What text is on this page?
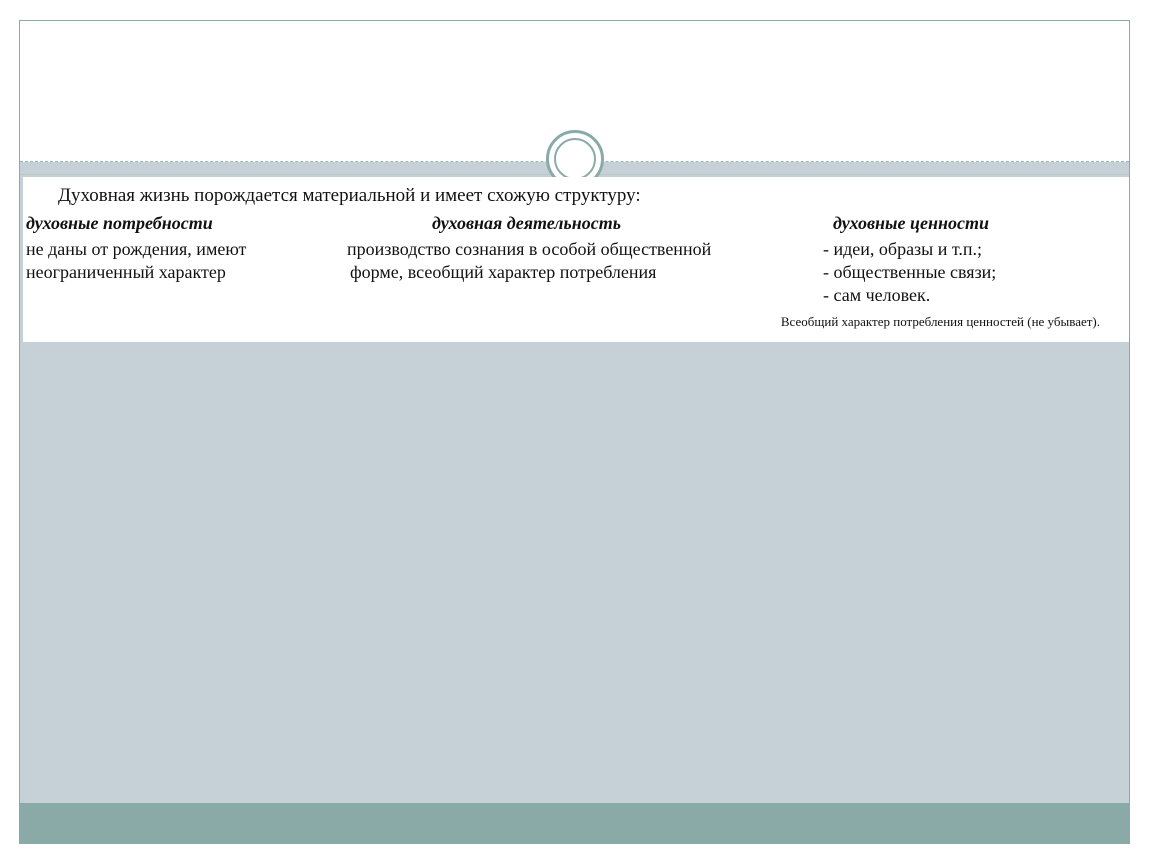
Духовная жизнь порождается материальной и имеет схожую структуру:
духовные потребности	духовная деятельность	духовные ценности
не даны от рождения, имеют
неограниченный характер
производство сознания в особой общественной
форме, всеобщий характер потребления
- идеи, образы и т.п.;
- общественные связи;
- сам человек.
Всеобщий характер потребления ценностей (не убывает).
